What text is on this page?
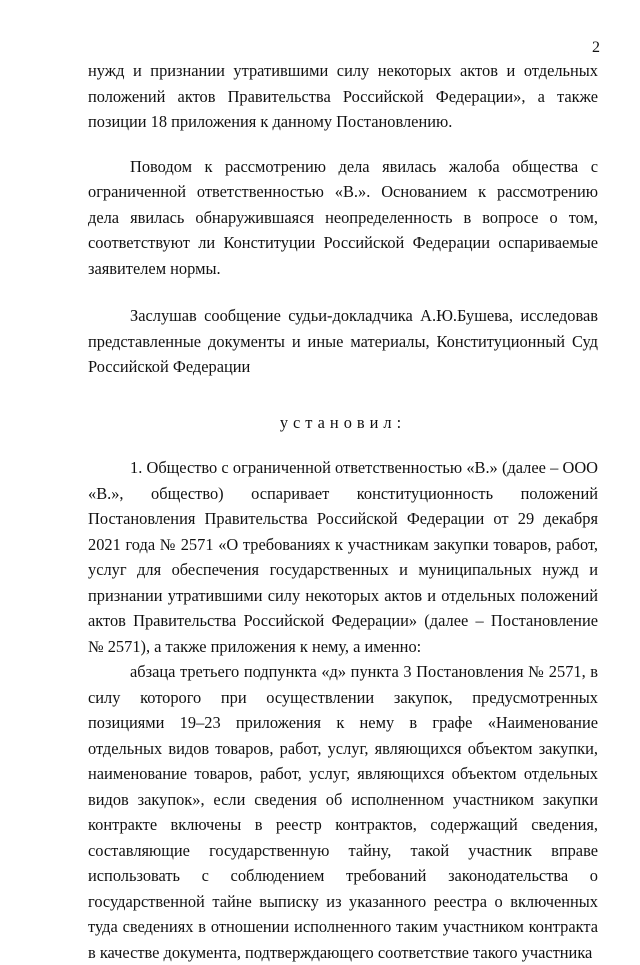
2

нужд и признании утратившими силу некоторых актов и отдельных положений актов Правительства Российской Федерации», а также позиции 18 приложения к данному Постановлению.

Поводом к рассмотрению дела явилась жалоба общества с ограниченной ответственностью «В.». Основанием к рассмотрению дела явилась обнаружившаяся неопределенность в вопросе о том, соответствуют ли Конституции Российской Федерации оспариваемые заявителем нормы.

Заслушав сообщение судьи-докладчика А.Ю.Бушева, исследовав представленные документы и иные материалы, Конституционный Суд Российской Федерации

установил:

1. Общество с ограниченной ответственностью «В.» (далее – ООО «В.», общество) оспаривает конституционность положений Постановления Правительства Российской Федерации от 29 декабря 2021 года № 2571 «О требованиях к участникам закупки товаров, работ, услуг для обеспечения государственных и муниципальных нужд и признании утратившими силу некоторых актов и отдельных положений актов Правительства Российской Федерации» (далее – Постановление № 2571), а также приложения к нему, а именно:

абзаца третьего подпункта «д» пункта 3 Постановления № 2571, в силу которого при осуществлении закупок, предусмотренных позициями 19–23 приложения к нему в графе «Наименование отдельных видов товаров, работ, услуг, являющихся объектом закупки, наименование товаров, работ, услуг, являющихся объектом отдельных видов закупок», если сведения об исполненном участником закупки контракте включены в реестр контрактов, содержащий сведения, составляющие государственную тайну, такой участник вправе использовать с соблюдением требований законодательства о государственной тайне выписку из указанного реестра о включенных туда сведениях в отношении исполненного таким участником контракта в качестве документа, подтверждающего соответствие такого участника
